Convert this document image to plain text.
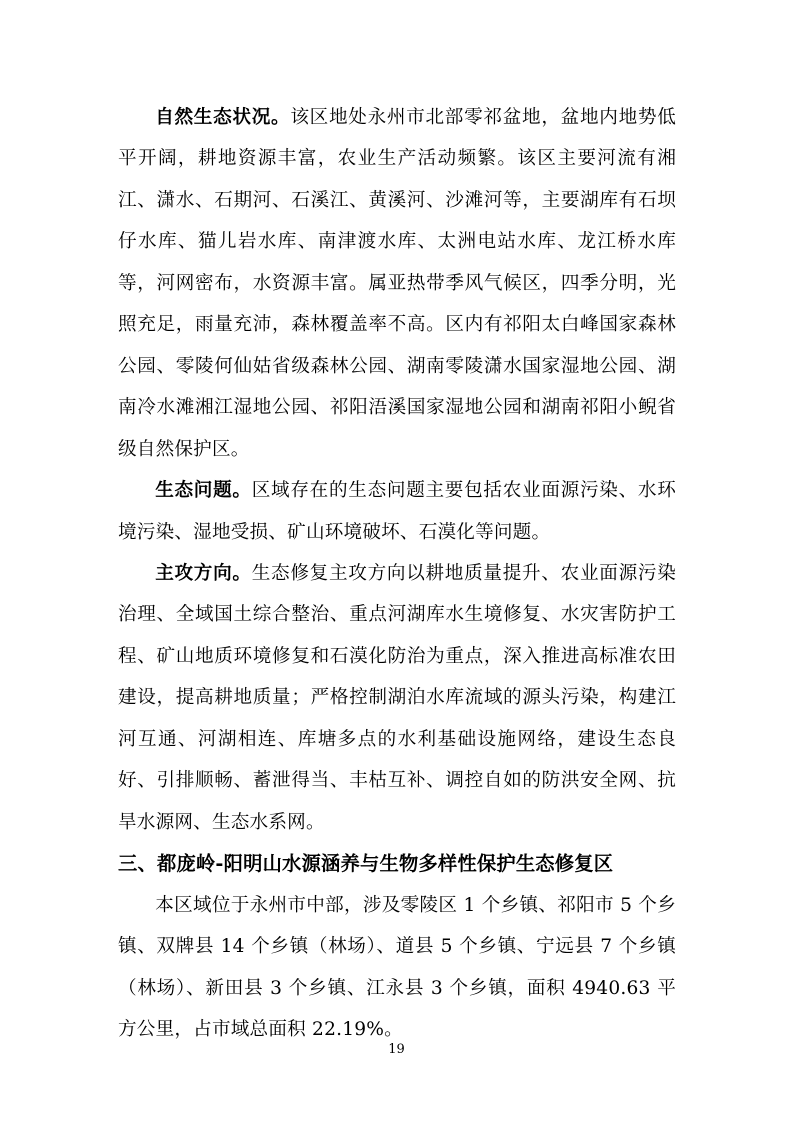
自然生态状况。该区地处永州市北部零祁盆地，盆地内地势低平开阔，耕地资源丰富，农业生产活动频繁。该区主要河流有湘江、潇水、石期河、石溪江、黄溪河、沙滩河等，主要湖库有石坝仔水库、猫儿岩水库、南津渡水库、太洲电站水库、龙江桥水库等，河网密布，水资源丰富。属亚热带季风气候区，四季分明，光照充足，雨量充沛，森林覆盖率不高。区内有祁阳太白峰国家森林公园、零陵何仙姑省级森林公园、湖南零陵潇水国家湿地公园、湖南冷水滩湘江湿地公园、祁阳浯溪国家湿地公园和湖南祁阳小鲵省级自然保护区。

生态问题。区域存在的生态问题主要包括农业面源污染、水环境污染、湿地受损、矿山环境破坏、石漠化等问题。

主攻方向。生态修复主攻方向以耕地质量提升、农业面源污染治理、全域国土综合整治、重点河湖库水生境修复、水灾害防护工程、矿山地质环境修复和石漠化防治为重点，深入推进高标准农田建设，提高耕地质量；严格控制湖泊水库流域的源头污染，构建江河互通、河湖相连、库塘多点的水利基础设施网络，建设生态良好、引排顺畅、蓄泄得当、丰枯互补、调控自如的防洪安全网、抗旱水源网、生态水系网。

三、都庞岭-阳明山水源涵养与生物多样性保护生态修复区

本区域位于永州市中部，涉及零陵区 1 个乡镇、祁阳市 5 个乡镇、双牌县 14 个乡镇（林场）、道县 5 个乡镇、宁远县 7 个乡镇（林场）、新田县 3 个乡镇、江永县 3 个乡镇，面积 4940.63 平方公里，占市域总面积 22.19%。

19
